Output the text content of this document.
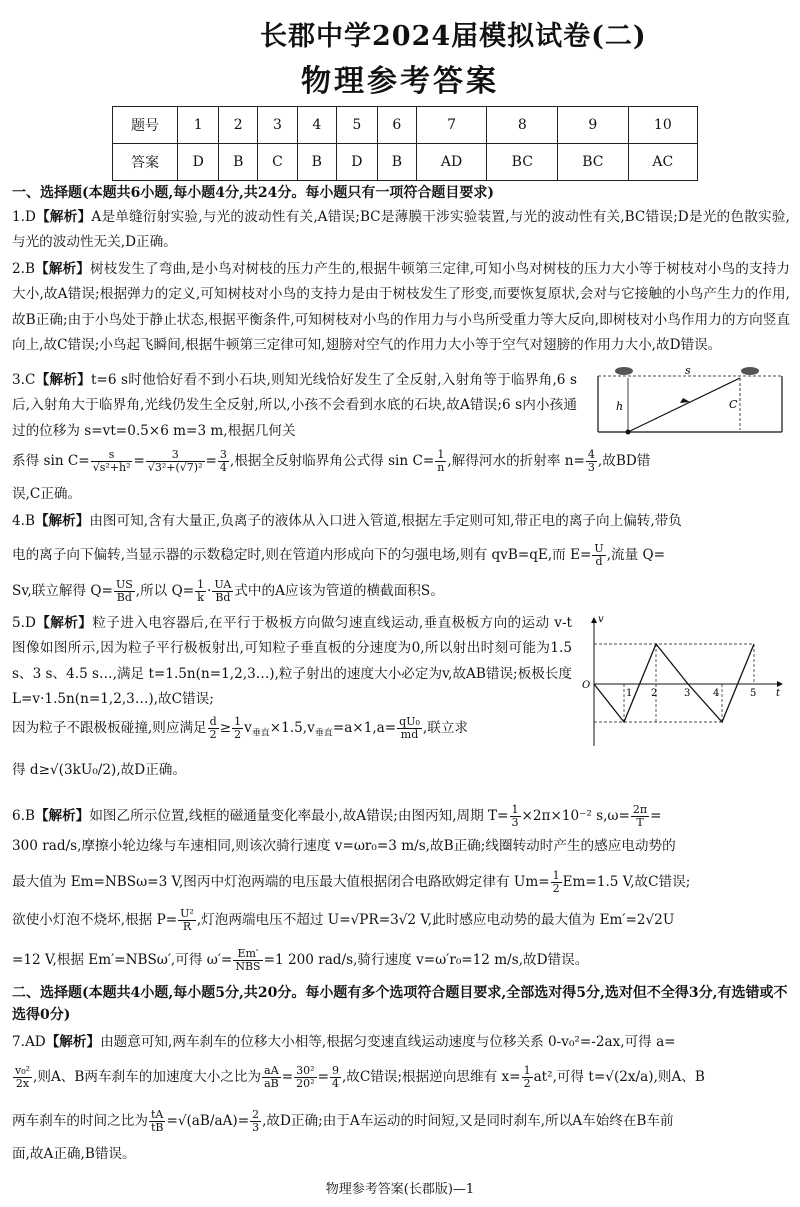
长郡中学2024届模拟试卷(二)
物理参考答案
题号	1	2	3	4	5	6	7	8	9	10
答案	D	B	C	B	D	B	AD	BC	BC	AC
一、选择题(本题共6小题,每小题4分,共24分。每小题只有一项符合题目要求)
1.D【解析】A是单缝衍射实验,与光的波动性有关,A错误;BC是薄膜干涉实验装置,与光的波动性有关,BC错误;D是光的色散实验,与光的波动性无关,D正确。
2.B【解析】树枝发生了弯曲,是小鸟对树枝的压力产生的,根据牛顿第三定律,可知小鸟对树枝的压力大小等于树枝对小鸟的支持力大小,故A错误;根据弹力的定义,可知树枝对小鸟的支持力是由于树枝发生了形变,而要恢复原状,会对与它接触的小鸟产生力的作用,故B正确;由于小鸟处于静止状态,根据平衡条件,可知树枝对小鸟的作用力与小鸟所受重力等大反向,即树枝对小鸟作用力的方向竖直向上,故C错误;小鸟起飞瞬间,根据牛顿第三定律可知,翅膀对空气的作用力大小等于空气对翅膀的作用力大小,故D错误。
3.C【解析】t=6 s时他恰好看不到小石块,则知光线恰好发生了全反射,入射角等于临界角,6 s后,入射角大于临界角,光线仍发生全反射,所以,小孩不会看到水底的石块,故A错误;6 s内小孩通过的位移为 s=vt=0.5×6 m=3 m,根据几何关
系得 $\sin C= \frac{s}{\text{√s²+h²}} = \frac{3}{\text{√3²+(√7)²}} = \frac{3}{4}$ ,根据全反射临界角公式得 $\sin C= \frac{1}{n}$ ,解得河水的折射率 $n= \frac{4}{3}$ ,故BD错
误,C正确。
s
h	C
4.B【解析】由图可知,含有大量正,负离子的液体从入口进入管道,根据左手定则可知,带正电的离子向上偏转,带负
电的离子向下偏转,当显示器的示数稳定时,则在管道内形成向下的匀强电场,则有 qvB=qE,而 $E= \frac{U}{d}$ ,流量 Q=
Sv,联立解得 $Q= \frac{US}{Bd}$ ,所以 $Q= \frac{1}{k} \cdot \frac{UA}{Bd}$ 式中的A应该为管道的横截面积S。
5.D【解析】粒子进入电容器后,在平行于极板方向做匀速直线运动,垂直极板方向的运动 v-t 图像如图所示,因为粒子平行极板射出,可知粒子垂直板的分速度为0,所以射出时刻可能为1.5 s、3 s、4.5 s…,满足 t=1.5n(n=1,2,3…),粒子射出的速度大小必定为v,故AB错误;板极长度 L=v·1.5n(n=1,2,3…),故C错误;
因为粒子不跟极板碰撞,则应满足 $\frac{d}{2} \ge \frac{1}{2} v_{垂直}\times 1.5,v_{垂直}=a\times 1,a= \frac{\text{qU₀}}{md}$ ,联立求
得 d≥√(3kU₀/2),故D正确。
v
t
O
1 2	3 4	5
6.B【解析】如图乙所示位置,线框的磁通量变化率最小,故A错误;由图丙知,周期 $T= \frac{1}{3} \times 2\pi\times 10^{-2}$ $s,\omega= \frac{2\pi}{T}$ =
300 rad/s,摩擦小轮边缘与车速相同,则该次骑行速度 v=ωr₀=3 m/s,故B正确;线圈转动时产生的感应电动势的
最大值为 Em=NBSω=3 V,图丙中灯泡两端的电压最大值根据闭合电路欧姆定律有 $Um= \frac{1}{2} Em=1.5$ V,故C错误;
欲使小灯泡不烧坏,根据 $P= \frac{\text{U²}}{R}$ ,灯泡两端电压不超过 U=√PR=3√2 V,此时感应电动势的最大值为 Em′=2√2U
=12 V,根据 Em′=NBSω′,可得 $\omega'= \frac{Em'}{\text{NBS}} =1$ 200 rad/s,骑行速度 v=ω′r₀=12 m/s,故D错误。
二、选择题(本题共4小题,每小题5分,共20分。每小题有多个选项符合题目要求,全部选对得5分,选对但不全得3分,有选错或不选得0分)
7.AD【解析】由题意可知,两车刹车的位移大小相等,根据匀变速直线运动速度与位移关系 0-v₀²=-2ax,可得 a=
$\frac{\text{v₀²}}{2x}$ ,则A、B两车刹车的加速度大小之比为 $\frac{aA}{aB} = \frac{\text{30²}}{\text{20²}} = \frac{9}{4}$ ,故C错误;根据逆向思维有 $x= \frac{1}{2} at^2$,可得 t=√(2x/a),则A、B
两车刹车的时间之比为 $\frac{tA}{tB} =√(aB/aA)= \frac{2}{3}$ ,故D正确;由于A车运动的时间短,又是同时刹车,所以A车始终在B车前
面,故A正确,B错误。
物理参考答案(长郡版)—1
